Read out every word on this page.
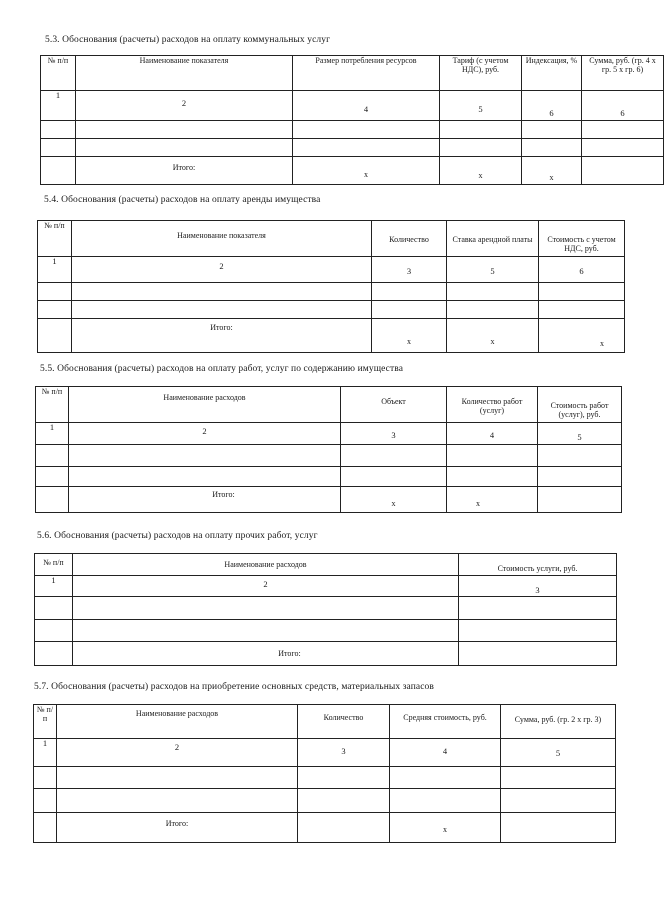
5.3. Обоснования (расчеты) расходов на оплату коммунальных услуг
№ п/п	Наименование показателя	Размер потребления ресурсов	Тариф (с учетом НДС), руб.	Индексация, %	Сумма, руб. (гр. 4 х гр. 5 х гр. 6)
1	2	4	5	6	6

	Итого:	x	x	x	
5.4. Обоснования (расчеты) расходов на оплату аренды имущества
№ п/п	Наименование показателя	Количество	Ставка арендной платы	Стоимость с учетом НДС, руб.
1	2	3	5	6

	Итого:	x	x	x
5.5. Обоснования (расчеты) расходов на оплату работ, услуг по содержанию имущества
№ п/п	Наименование расходов	Объект	Количество работ (услуг)	Стоимость работ (услуг), руб.
1	2	3	4	5

	Итого:	x	x	
5.6. Обоснования (расчеты) расходов на оплату прочих работ, услуг
№ п/п	Наименование расходов	Стоимость услуги, руб.
1	2	3

	Итого:	
5.7. Обоснования (расчеты) расходов на приобретение основных средств, материальных запасов
№ п/п	Наименование расходов	Количество	Средняя стоимость, руб.	Сумма, руб. (гр. 2 х гр. 3)
1	2	3	4	5

	Итого:		x	
